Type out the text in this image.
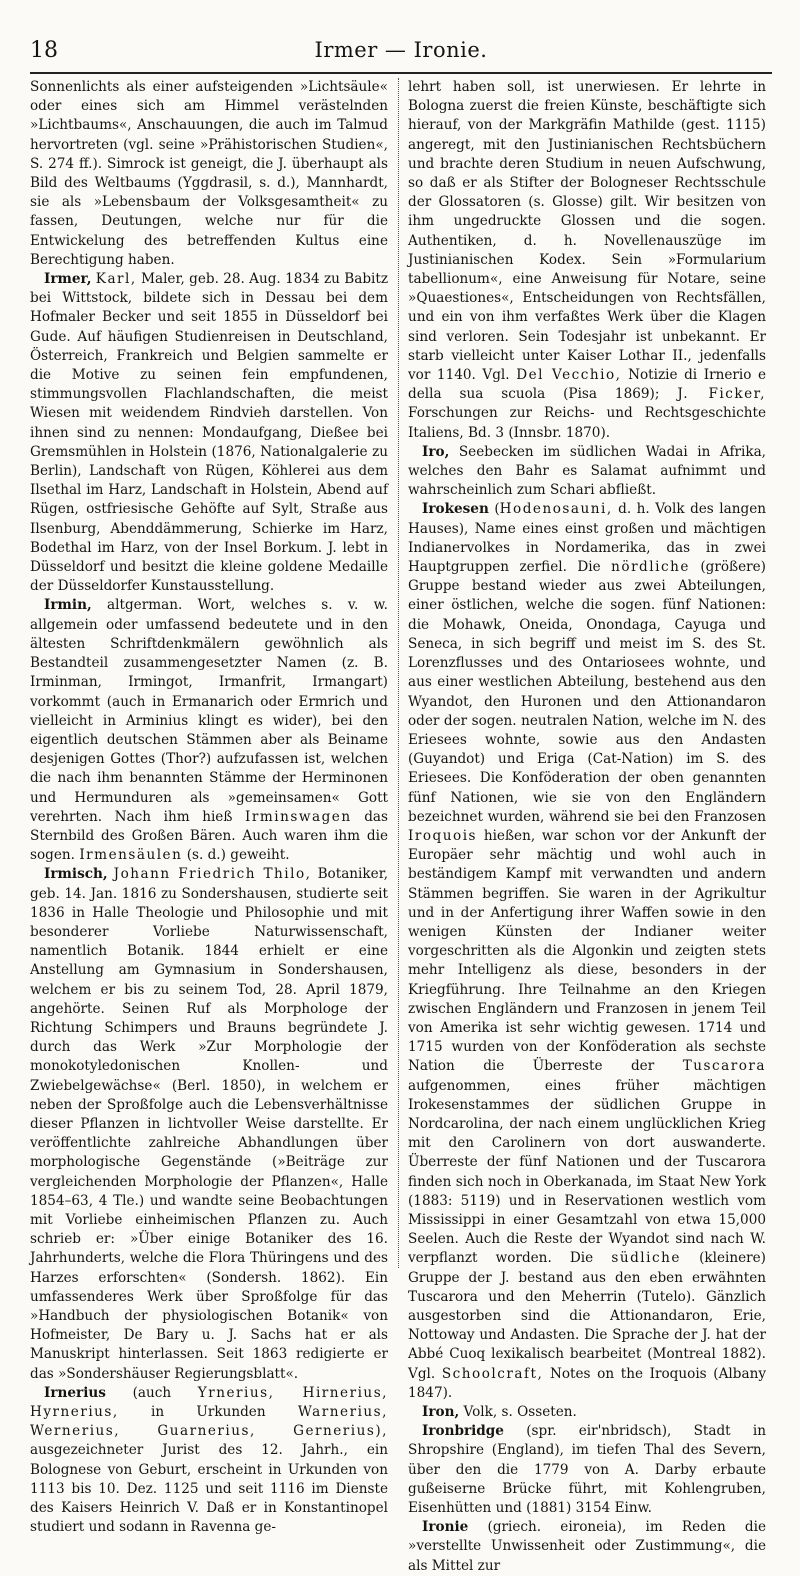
18	Irmer — Ironie.

Sonnenlichts als einer aufsteigenden »Lichtsäule« oder eines sich am Himmel verästelnden »Lichtbaums«, Anschauungen, die auch im Talmud hervortreten (vgl. seine »Prähistorischen Studien«, S. 274 ff.). Simrock ist geneigt, die J. überhaupt als Bild des Weltbaums (Yggdrasil, s. d.), Mannhardt, sie als »Lebensbaum der Volksgesamtheit« zu fassen, Deutungen, welche nur für die Entwickelung des betreffenden Kultus eine Berechtigung haben.

Irmer, Karl, Maler, geb. 28. Aug. 1834 zu Babitz bei Wittstock, bildete sich in Dessau bei dem Hofmaler Becker und seit 1855 in Düsseldorf bei Gude. Auf häufigen Studienreisen in Deutschland, Österreich, Frankreich und Belgien sammelte er die Motive zu seinen fein empfundenen, stimmungsvollen Flachlandschaften, die meist Wiesen mit weidendem Rindvieh darstellen. Von ihnen sind zu nennen: Mondaufgang, Dießee bei Gremsmühlen in Holstein (1876, Nationalgalerie zu Berlin), Landschaft von Rügen, Köhlerei aus dem Ilsethal im Harz, Landschaft in Holstein, Abend auf Rügen, ostfriesische Gehöfte auf Sylt, Straße aus Ilsenburg, Abenddämmerung, Schierke im Harz, Bodethal im Harz, von der Insel Borkum. J. lebt in Düsseldorf und besitzt die kleine goldene Medaille der Düsseldorfer Kunstausstellung.

Irmin, altgerman. Wort, welches s. v. w. allgemein oder umfassend bedeutete und in den ältesten Schriftdenkmälern gewöhnlich als Bestandteil zusammengesetzter Namen (z. B. Irminman, Irmingot, Irmanfrit, Irmangart) vorkommt (auch in Ermanarich oder Ermrich und vielleicht in Arminius klingt es wider), bei den eigentlich deutschen Stämmen aber als Beiname desjenigen Gottes (Thor?) aufzufassen ist, welchen die nach ihm benannten Stämme der Herminonen und Hermunduren als »gemeinsamen« Gott verehrten. Nach ihm hieß Irminswagen das Sternbild des Großen Bären. Auch waren ihm die sogen. Irmensäulen (s. d.) geweiht.

Irmisch, Johann Friedrich Thilo, Botaniker, geb. 14. Jan. 1816 zu Sondershausen, studierte seit 1836 in Halle Theologie und Philosophie und mit besonderer Vorliebe Naturwissenschaft, namentlich Botanik. 1844 erhielt er eine Anstellung am Gymnasium in Sondershausen, welchem er bis zu seinem Tod, 28. April 1879, angehörte. Seinen Ruf als Morphologe der Richtung Schimpers und Brauns begründete J. durch das Werk »Zur Morphologie der monokotyledonischen Knollen- und Zwiebelgewächse« (Berl. 1850), in welchem er neben der Sproßfolge auch die Lebensverhältnisse dieser Pflanzen in lichtvoller Weise darstellte. Er veröffentlichte zahlreiche Abhandlungen über morphologische Gegenstände (»Beiträge zur vergleichenden Morphologie der Pflanzen«, Halle 1854–63, 4 Tle.) und wandte seine Beobachtungen mit Vorliebe einheimischen Pflanzen zu. Auch schrieb er: »Über einige Botaniker des 16. Jahrhunderts, welche die Flora Thüringens und des Harzes erforschten« (Sondersh. 1862). Ein umfassenderes Werk über Sproßfolge für das »Handbuch der physiologischen Botanik« von Hofmeister, De Bary u. J. Sachs hat er als Manuskript hinterlassen. Seit 1863 redigierte er das »Sondershäuser Regierungsblatt«.

Irnerius (auch Yrnerius, Hirnerius, Hyrnerius, in Urkunden Warnerius, Wernerius, Guarnerius, Gernerius), ausgezeichneter Jurist des 12. Jahrh., ein Bolognese von Geburt, erscheint in Urkunden von 1113 bis 10. Dez. 1125 und seit 1116 im Dienste des Kaisers Heinrich V. Daß er in Konstantinopel studiert und sodann in Ravenna ge-

lehrt haben soll, ist unerwiesen. Er lehrte in Bologna zuerst die freien Künste, beschäftigte sich hierauf, von der Markgräfin Mathilde (gest. 1115) angeregt, mit den Justinianischen Rechtsbüchern und brachte deren Studium in neuen Aufschwung, so daß er als Stifter der Bologneser Rechtsschule der Glossatoren (s. Glosse) gilt. Wir besitzen von ihm ungedruckte Glossen und die sogen. Authentiken, d. h. Novellenauszüge im Justinianischen Kodex. Sein »Formularium tabellionum«, eine Anweisung für Notare, seine »Quaestiones«, Entscheidungen von Rechtsfällen, und ein von ihm verfaßtes Werk über die Klagen sind verloren. Sein Todesjahr ist unbekannt. Er starb vielleicht unter Kaiser Lothar II., jedenfalls vor 1140. Vgl. Del Vecchio, Notizie di Irnerio e della sua scuola (Pisa 1869); J. Ficker, Forschungen zur Reichs- und Rechtsgeschichte Italiens, Bd. 3 (Innsbr. 1870).

Iro, Seebecken im südlichen Wadai in Afrika, welches den Bahr es Salamat aufnimmt und wahrscheinlich zum Schari abfließt.

Irokesen (Hodenosauni, d. h. Volk des langen Hauses), Name eines einst großen und mächtigen Indianervolkes in Nordamerika, das in zwei Hauptgruppen zerfiel. Die nördliche (größere) Gruppe bestand wieder aus zwei Abteilungen, einer östlichen, welche die sogen. fünf Nationen: die Mohawk, Oneida, Onondaga, Cayuga und Seneca, in sich begriff und meist im S. des St. Lorenzflusses und des Ontariosees wohnte, und aus einer westlichen Abteilung, bestehend aus den Wyandot, den Huronen und den Attionandaron oder der sogen. neutralen Nation, welche im N. des Eriesees wohnte, sowie aus den Andasten (Guyandot) und Eriga (Cat-Nation) im S. des Eriesees. Die Konföderation der oben genannten fünf Nationen, wie sie von den Engländern bezeichnet wurden, während sie bei den Franzosen Iroquois hießen, war schon vor der Ankunft der Europäer sehr mächtig und wohl auch in beständigem Kampf mit verwandten und andern Stämmen begriffen. Sie waren in der Agrikultur und in der Anfertigung ihrer Waffen sowie in den wenigen Künsten der Indianer weiter vorgeschritten als die Algonkin und zeigten stets mehr Intelligenz als diese, besonders in der Kriegführung. Ihre Teilnahme an den Kriegen zwischen Engländern und Franzosen in jenem Teil von Amerika ist sehr wichtig gewesen. 1714 und 1715 wurden von der Konföderation als sechste Nation die Überreste der Tuscarora aufgenommen, eines früher mächtigen Irokesenstammes der südlichen Gruppe in Nordcarolina, der nach einem unglücklichen Krieg mit den Carolinern von dort auswanderte. Überreste der fünf Nationen und der Tuscarora finden sich noch in Oberkanada, im Staat New York (1883: 5119) und in Reservationen westlich vom Mississippi in einer Gesamtzahl von etwa 15,000 Seelen. Auch die Reste der Wyandot sind nach W. verpflanzt worden. Die südliche (kleinere) Gruppe der J. bestand aus den eben erwähnten Tuscarora und den Meherrin (Tutelo). Gänzlich ausgestorben sind die Attionandaron, Erie, Nottoway und Andasten. Die Sprache der J. hat der Abbé Cuoq lexikalisch bearbeitet (Montreal 1882). Vgl. Schoolcraft, Notes on the Iroquois (Albany 1847).

Iron, Volk, s. Osseten.

Ironbridge (spr. eir'nbridsch), Stadt in Shropshire (England), im tiefen Thal des Severn, über den die 1779 von A. Darby erbaute gußeiserne Brücke führt, mit Kohlengruben, Eisenhütten und (1881) 3154 Einw.

Ironie (griech. eironeia), im Reden die »verstellte Unwissenheit oder Zustimmung«, die als Mittel zur
